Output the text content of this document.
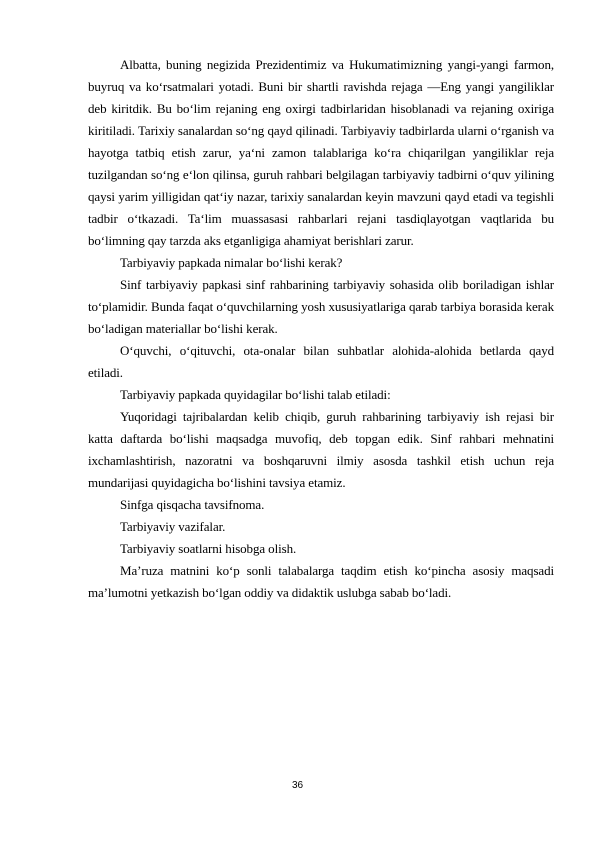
Albatta, buning negizida Prezidentimiz va Hukumatimizning yangi-yangi farmon, buyruq va ko‘rsatmalari yotadi. Buni bir shartli ravishda rejaga ―Eng yangi yangiliklar deb kiritdik. Bu bo‘lim rejaning eng oxirgi tadbirlaridan hisoblanadi va rejaning oxiriga kiritiladi. Tarixiy sanalardan so‘ng qayd qilinadi. Tarbiyaviy tadbirlarda ularni o‘rganish va hayotga tatbiq etish zarur, ya‘ni zamon talablariga ko‘ra chiqarilgan yangiliklar reja tuzilgandan so‘ng e‘lon qilinsa, guruh rahbari belgilagan tarbiyaviy tadbirni o‘quv yilining qaysi yarim yilligidan qat‘iy nazar, tarixiy sanalardan keyin mavzuni qayd etadi va tegishli tadbir o‘tkazadi. Ta‘lim muassasasi rahbarlari rejani tasdiqlayotgan vaqtlarida bu bo‘limning qay tarzda aks etganligiga ahamiyat berishlari zarur.

Tarbiyaviy papkada nimalar bo‘lishi kerak?

Sinf tarbiyaviy papkasi sinf rahbarining tarbiyaviy sohasida olib boriladigan ishlar to‘plamidir. Bunda faqat o‘quvchilarning yosh xususiyatlariga qarab tarbiya borasida kerak bo‘ladigan materiallar bo‘lishi kerak.

O‘quvchi, o‘qituvchi, ota-onalar bilan suhbatlar alohida-alohida betlarda qayd etiladi.

Tarbiyaviy papkada quyidagilar bo‘lishi talab etiladi:

Yuqoridagi tajribalardan kelib chiqib, guruh rahbarining tarbiyaviy ish rejasi bir katta daftarda bo‘lishi maqsadga muvofiq, deb topgan edik. Sinf rahbari mehnatini ixchamlashtirish, nazoratni va boshqaruvni ilmiy asosda tashkil etish uchun reja mundarijasi quyidagicha bo‘lishini tavsiya etamiz.

Sinfga qisqacha tavsifnoma.

Tarbiyaviy vazifalar.

Tarbiyaviy soatlarni hisobga olish.

Ma’ruza matnini ko‘p sonli talabalarga taqdim etish ko‘pincha asosiy maqsadi ma’lumotni yetkazish bo‘lgan oddiy va didaktik uslubga sabab bo‘ladi.

36
